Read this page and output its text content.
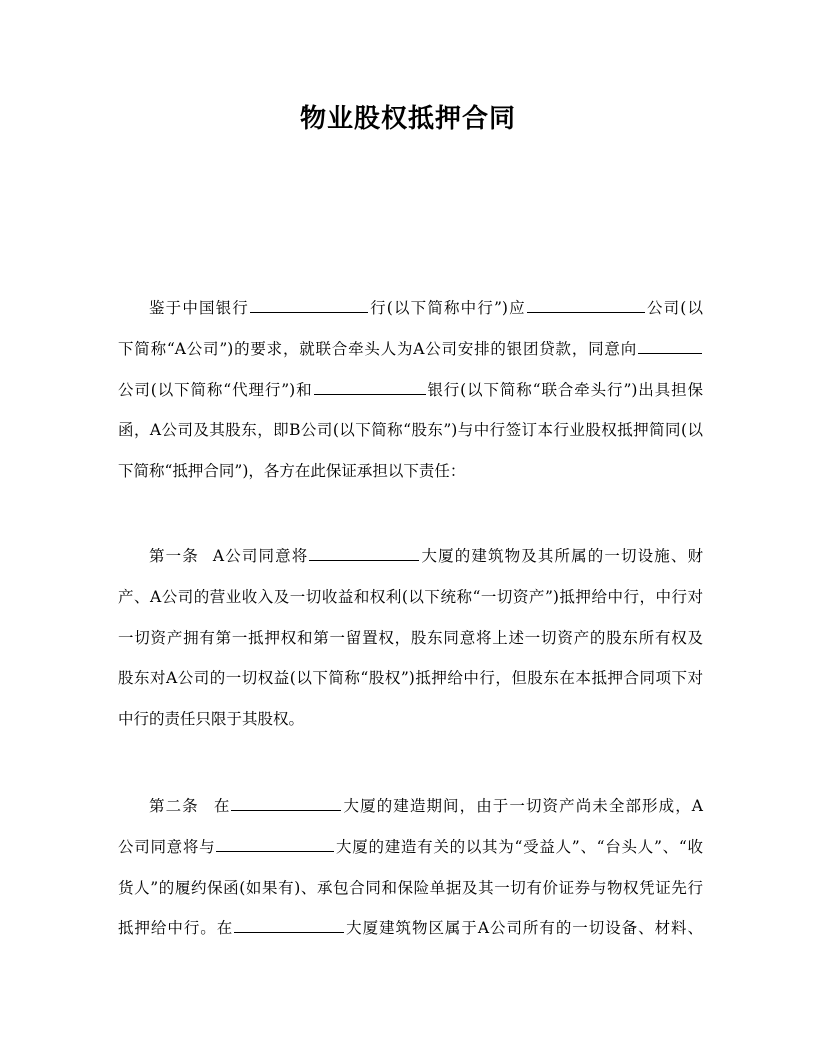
物业股权抵押合同
鉴于中国银行	行(以下简称中行”)应	公司(以
下简称“A公司”)的要求，就联合牵头人为A公司安排的银团贷款，同意向
公司(以下简称“代理行”)和	银行(以下简称“联合牵头行”)出具担保
函，A公司及其股东，即B公司(以下简称“股东”)与中行签订本行业股权抵押简同(以
下简称“抵押合同”)，各方在此保证承担以下责任：
第一条 A公司同意将	大厦的建筑物及其所属的一切设施、财
产、A公司的营业收入及一切收益和权利(以下统称“一切资产”)抵押给中行，中行对
一切资产拥有第一抵押权和第一留置权，股东同意将上述一切资产的股东所有权及
股东对A公司的一切权益(以下简称“股权”)抵押给中行，但股东在本抵押合同项下对
中行的责任只限于其股权。
第二条 在	大厦的建造期间，由于一切资产尚未全部形成，A
公司同意将与	大厦的建造有关的以其为“受益人”、“台头人”、“收
货人”的履约保函(如果有)、承包合同和保险单据及其一切有价证券与物权凭证先行
抵押给中行。在	大厦建筑物区属于A公司所有的一切设备、材料、
